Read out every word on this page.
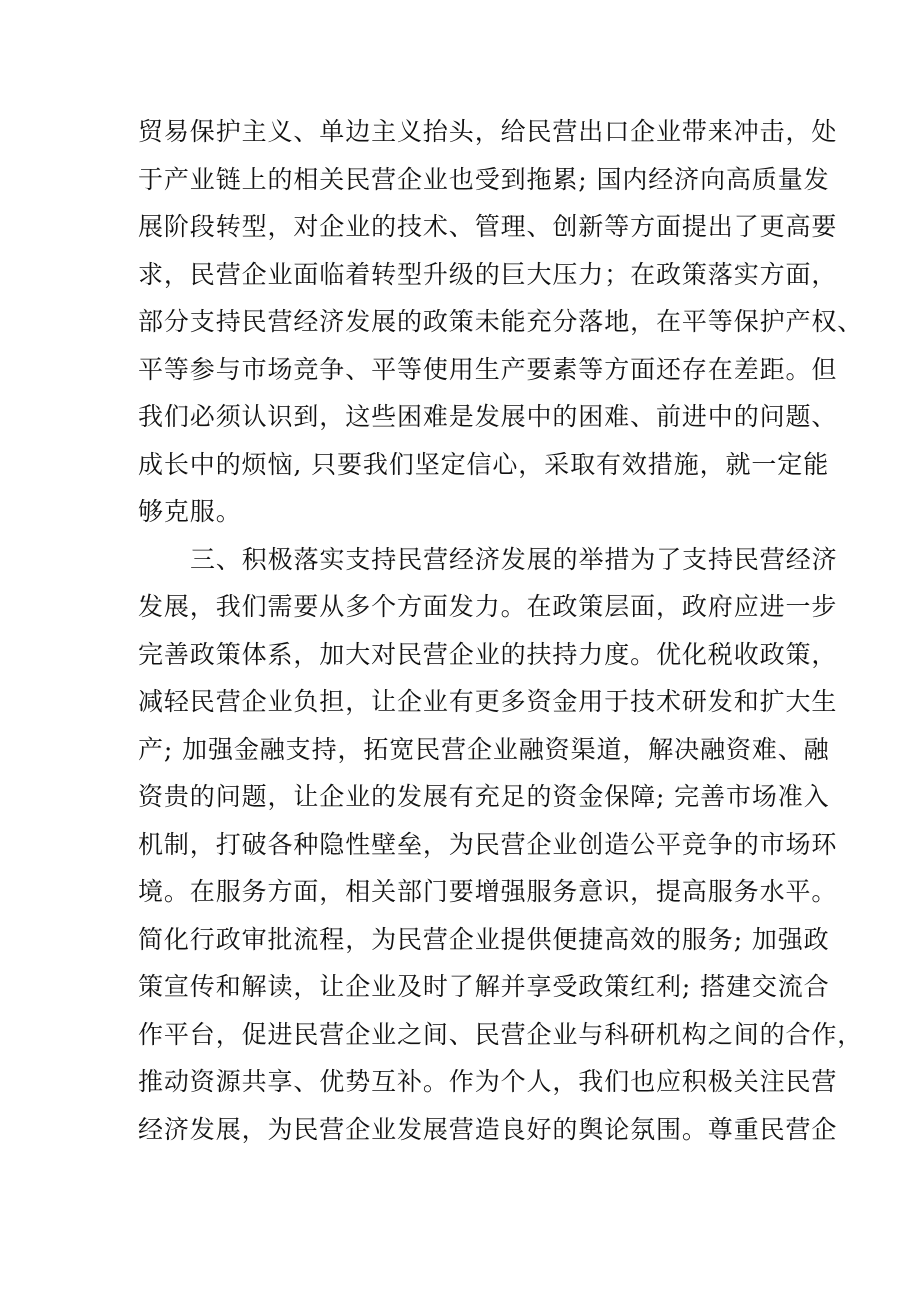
贸易保护主义、单边主义抬头，给民营出口企业带来冲击，处
于产业链上的相关民营企业也受到拖累; 国内经济向高质量发
展阶段转型，对企业的技术、管理、创新等方面提出了更高要
求，民营企业面临着转型升级的巨大压力；在政策落实方面，
部分支持民营经济发展的政策未能充分落地，在平等保护产权、
平等参与市场竞争、平等使用生产要素等方面还存在差距。但
我们必须认识到，这些困难是发展中的困难、前进中的问题、
成长中的烦恼, 只要我们坚定信心，采取有效措施，就一定能
够克服。
三、积极落实支持民营经济发展的举措为了支持民营经济
发展，我们需要从多个方面发力。在政策层面，政府应进一步
完善政策体系，加大对民营企业的扶持力度。优化税收政策，
减轻民营企业负担，让企业有更多资金用于技术研发和扩大生
产; 加强金融支持，拓宽民营企业融资渠道，解决融资难、融
资贵的问题，让企业的发展有充足的资金保障; 完善市场准入
机制，打破各种隐性壁垒，为民营企业创造公平竞争的市场环
境。在服务方面，相关部门要增强服务意识，提高服务水平。
简化行政审批流程，为民营企业提供便捷高效的服务; 加强政
策宣传和解读，让企业及时了解并享受政策红利; 搭建交流合
作平台，促进民营企业之间、民营企业与科研机构之间的合作，
推动资源共享、优势互补。作为个人，我们也应积极关注民营
经济发展，为民营企业发展营造良好的舆论氛围。尊重民营企
